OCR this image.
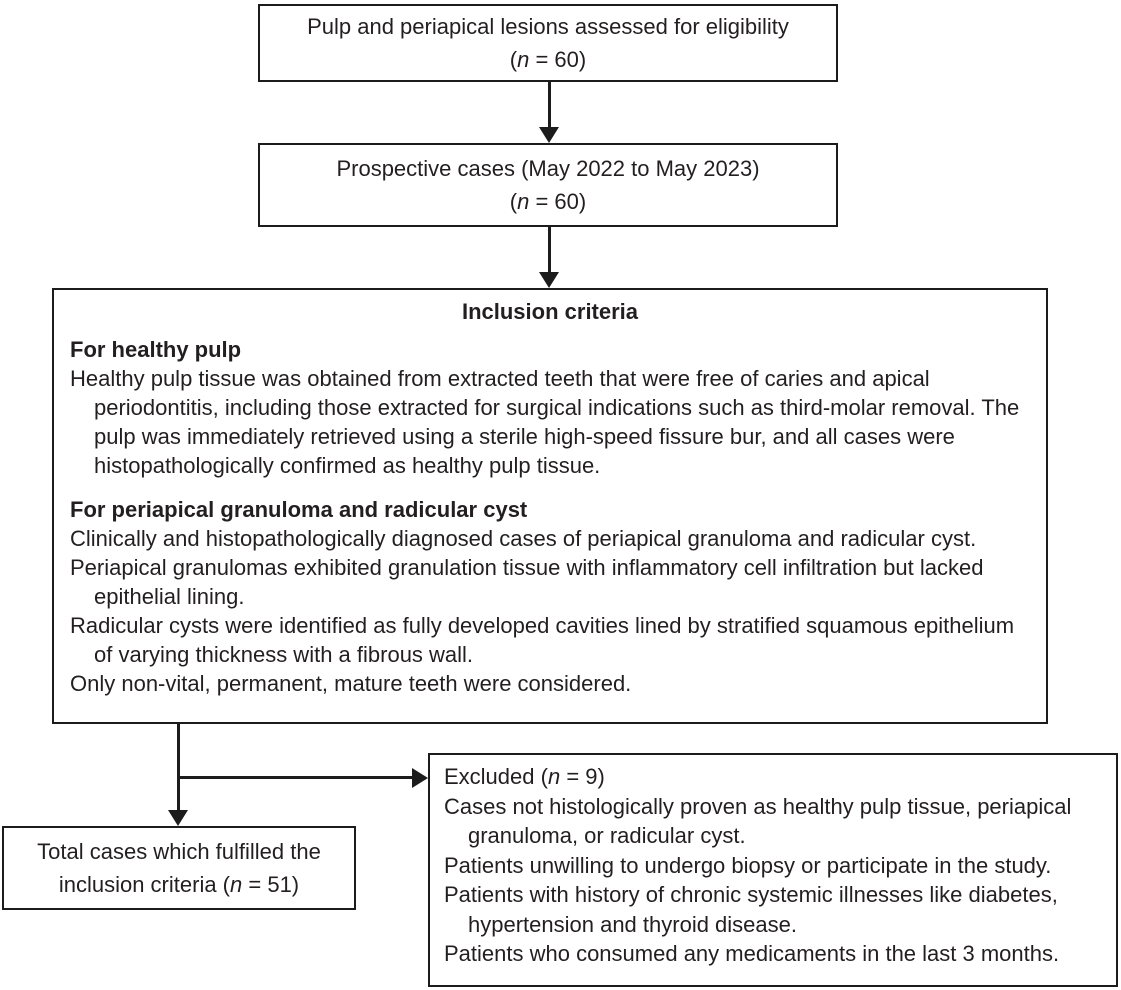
Pulp and periapical lesions assessed for eligibility
(n = 60)
Prospective cases (May 2022 to May 2023)
(n = 60)

Inclusion criteria

For healthy pulp

Healthy pulp tissue was obtained from extracted teeth that were free of caries and apical periodontitis, including those extracted for surgical indications such as third-molar removal. The pulp was immediately retrieved using a sterile high-speed fissure bur, and all cases were histopathologically confirmed as healthy pulp tissue.

For periapical granuloma and radicular cyst

Clinically and histopathologically diagnosed cases of periapical granuloma and radicular cyst.

Periapical granulomas exhibited granulation tissue with inflammatory cell infiltration but lacked epithelial lining.

Radicular cysts were identified as fully developed cavities lined by stratified squamous epithelium of varying thickness with a fibrous wall.

Only non-vital, permanent, mature teeth were considered.

Total cases which fulfilled the
inclusion criteria (n = 51)

Excluded (n = 9)

Cases not histologically proven as healthy pulp tissue, periapical granuloma, or radicular cyst.

Patients unwilling to undergo biopsy or participate in the study.

Patients with history of chronic systemic illnesses like diabetes, hypertension and thyroid disease.

Patients who consumed any medicaments in the last 3 months.
